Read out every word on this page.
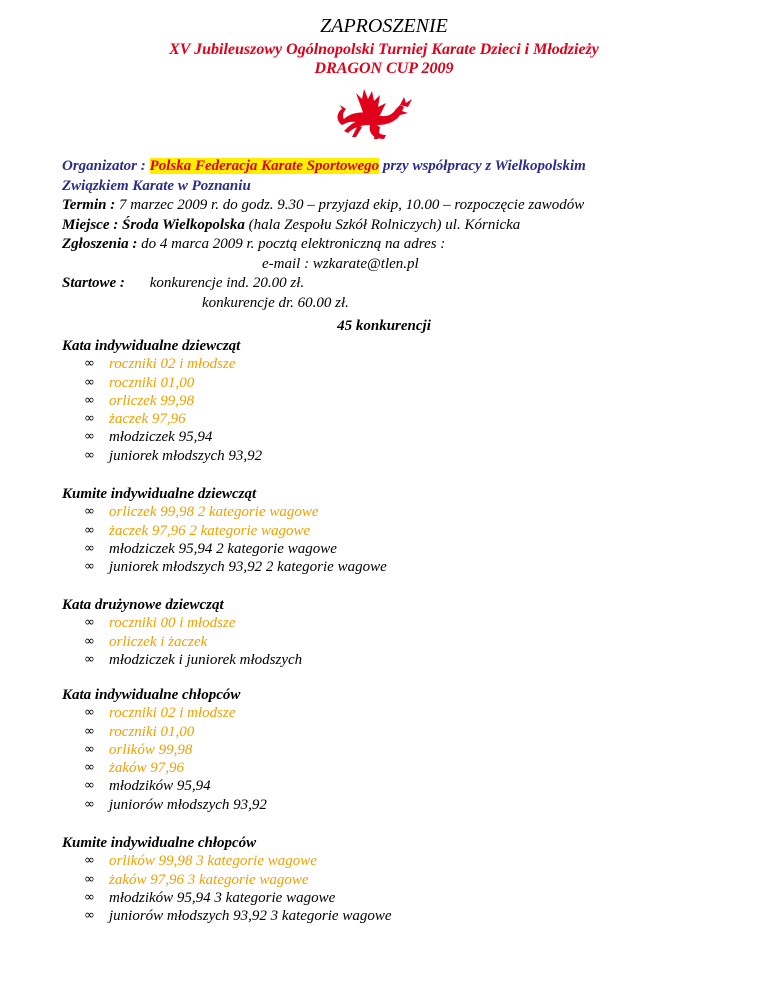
ZAPROSZENIE
XV Jubileuszowy Ogólnopolski Turniej Karate Dzieci i Młodzieży
DRAGON CUP 2009
Organizator : Polska Federacja Karate Sportowego przy współpracy z Wielkopolskim
Związkiem Karate w Poznaniu
Termin : 7 marzec 2009 r. do godz. 9.30 – przyjazd ekip, 10.00 – rozpoczęcie zawodów
Miejsce : Środa Wielkopolska (hala Zespołu Szkół Rolniczych) ul. Kórnicka
Zgłoszenia : do 4 marca 2009 r. pocztą elektroniczną na adres :
e-mail : wzkarate@tlen.pl
Startowe : konkurencje ind. 20.00 zł.
konkurencje dr. 60.00 zł.
45 konkurencji
Kata indywidualne dziewcząt
∞ roczniki 02 i młodsze
∞ roczniki 01,00
∞ orliczek 99,98
∞ żaczek 97,96
∞ młodziczek 95,94
∞ juniorek młodszych 93,92
Kumite indywidualne dziewcząt
∞ orliczek 99,98 2 kategorie wagowe
∞ żaczek 97,96 2 kategorie wagowe
∞ młodziczek 95,94 2 kategorie wagowe
∞ juniorek młodszych 93,92 2 kategorie wagowe
Kata drużynowe dziewcząt
∞ roczniki 00 i młodsze
∞ orliczek i żaczek
∞ młodziczek i juniorek młodszych
Kata indywidualne chłopców
∞ roczniki 02 i młodsze
∞ roczniki 01,00
∞ orlików 99,98
∞ żaków 97,96
∞ młodzików 95,94
∞ juniorów młodszych 93,92
Kumite indywidualne chłopców
∞ orlików 99,98 3 kategorie wagowe
∞ żaków 97,96 3 kategorie wagowe
∞ młodzików 95,94 3 kategorie wagowe
∞ juniorów młodszych 93,92 3 kategorie wagowe
